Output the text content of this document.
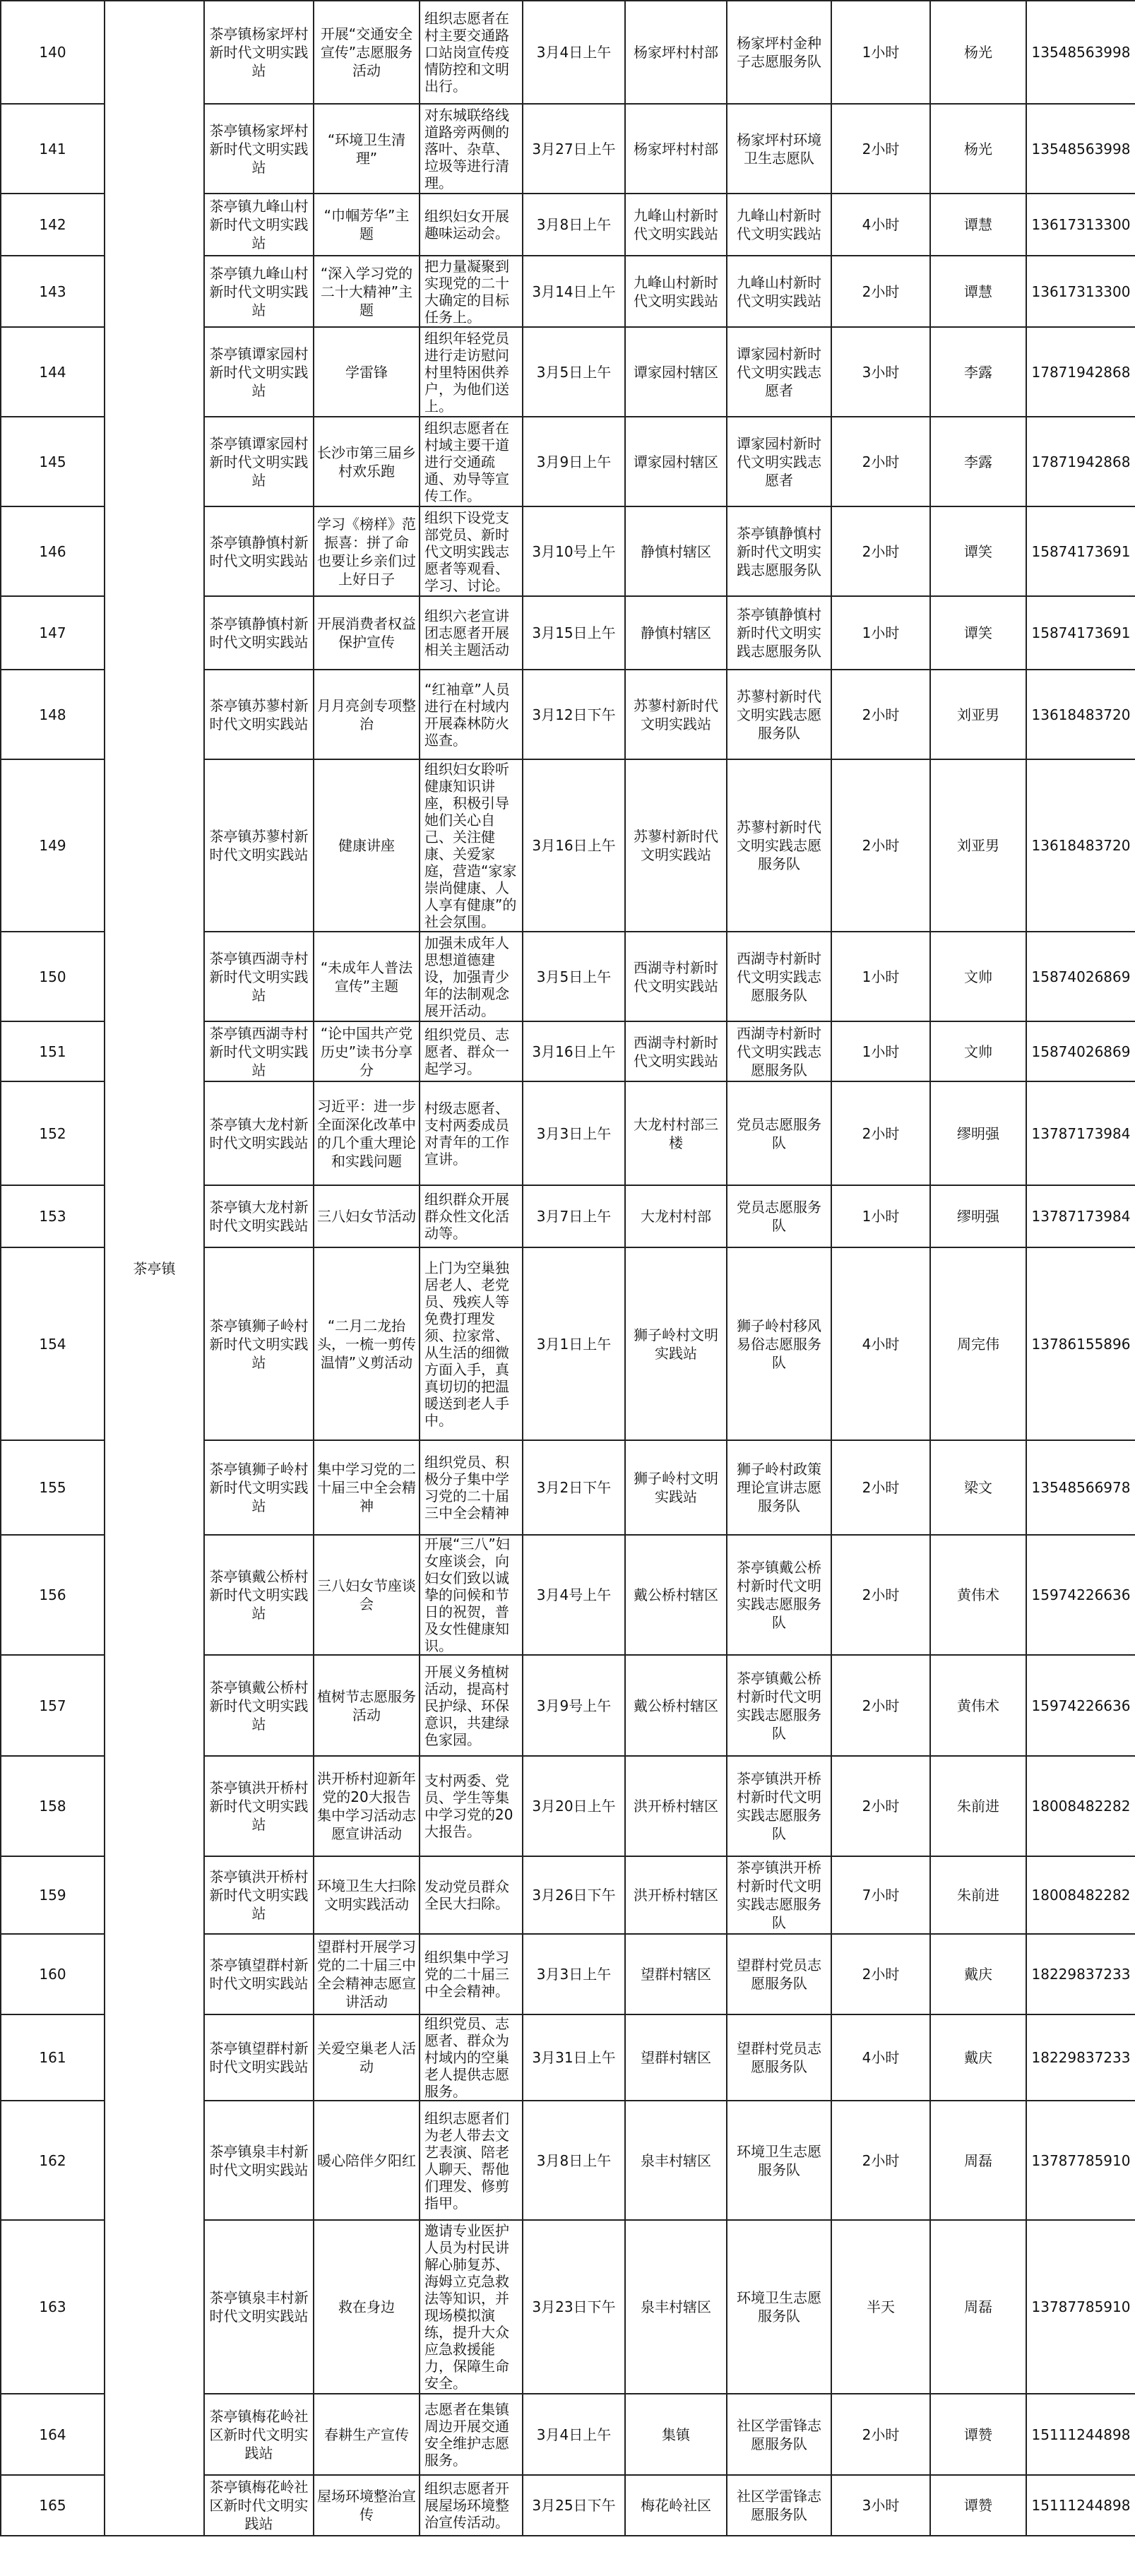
140	茶亭镇	茶亭镇杨家坪村新时代文明实践站	开展“交通安全宣传”志愿服务活动	组织志愿者在村主要交通路口站岗宣传疫情防控和文明出行。	3月4日上午	杨家坪村村部	杨家坪村金种子志愿服务队	1小时	杨光	13548563998
141		茶亭镇杨家坪村新时代文明实践站	“环境卫生清理”	对东城联络线道路旁两侧的落叶、杂草、垃圾等进行清理。	3月27日上午	杨家坪村村部	杨家坪村环境卫生志愿队	2小时	杨光	13548563998
142		茶亭镇九峰山村新时代文明实践站	“巾帼芳华”主题	组织妇女开展趣味运动会。	3月8日上午	九峰山村新时代文明实践站	九峰山村新时代文明实践站	4小时	谭慧	13617313300
143		茶亭镇九峰山村新时代文明实践站	“深入学习党的二十大精神”主题	把力量凝聚到实现党的二十大确定的目标任务上。	3月14日上午	九峰山村新时代文明实践站	九峰山村新时代文明实践站	2小时	谭慧	13617313300
144		茶亭镇谭家园村新时代文明实践站	学雷锋	组织年轻党员进行走访慰问村里特困供养户，为他们送上。	3月5日上午	谭家园村辖区	谭家园村新时代文明实践志愿者	3小时	李露	17871942868
145		茶亭镇谭家园村新时代文明实践站	长沙市第三届乡村欢乐跑	组织志愿者在村域主要干道进行交通疏通、劝导等宣传工作。	3月9日上午	谭家园村辖区	谭家园村新时代文明实践志愿者	2小时	李露	17871942868
146		茶亭镇静慎村新时代文明实践站	学习《榜样》范振喜：拼了命 也要让乡亲们过上好日子	组织下设党支部党员、新时代文明实践志愿者等观看、学习、讨论。	3月10号上午	静慎村辖区	茶亭镇静慎村新时代文明实践志愿服务队	2小时	谭笑	15874173691
147		茶亭镇静慎村新时代文明实践站	开展消费者权益保护宣传	组织六老宣讲团志愿者开展相关主题活动	3月15日上午	静慎村辖区	茶亭镇静慎村新时代文明实践志愿服务队	1小时	谭笑	15874173691
148		茶亭镇苏蓼村新时代文明实践站	月月亮剑专项整治	“红袖章”人员进行在村域内开展森林防火巡查。	3月12日下午	苏蓼村新时代文明实践站	苏蓼村新时代文明实践志愿服务队	2小时	刘亚男	13618483720
149		茶亭镇苏蓼村新时代文明实践站	健康讲座	组织妇女聆听健康知识讲座，积极引导她们关心自己、关注健康、关爱家庭，营造“家家崇尚健康、人人享有健康”的社会氛围。	3月16日上午	苏蓼村新时代文明实践站	苏蓼村新时代文明实践志愿服务队	2小时	刘亚男	13618483720
150		茶亭镇西湖寺村新时代文明实践站	“未成年人普法宣传”主题	加强未成年人思想道德建设，加强青少年的法制观念展开活动。	3月5日上午	西湖寺村新时代文明实践站	西湖寺村新时代文明实践志愿服务队	1小时	文帅	15874026869
151		茶亭镇西湖寺村新时代文明实践站	“论中国共产党历史”读书分享分	组织党员、志愿者、群众一起学习。	3月16日上午	西湖寺村新时代文明实践站	西湖寺村新时代文明实践志愿服务队	1小时	文帅	15874026869
152		茶亭镇大龙村新时代文明实践站	习近平：进一步全面深化改革中的几个重大理论和实践问题	村级志愿者、支村两委成员对青年的工作宣讲。	3月3日上午	大龙村村部三楼	党员志愿服务队	2小时	缪明强	13787173984
153		茶亭镇大龙村新时代文明实践站	三八妇女节活动	组织群众开展群众性文化活动等。	3月7日上午	大龙村村部	党员志愿服务队	1小时	缪明强	13787173984
154		茶亭镇狮子岭村新时代文明实践站	“二月二龙抬头，一梳一剪传温情”义剪活动	上门为空巢独居老人、老党员、残疾人等免费打理发须、拉家常、从生活的细微方面入手，真真切切的把温暖送到老人手中。	3月1日上午	狮子岭村文明实践站	狮子岭村移风易俗志愿服务队	4小时	周完伟	13786155896
155		茶亭镇狮子岭村新时代文明实践站	集中学习党的二十届三中全会精神	组织党员、积极分子集中学习党的二十届三中全会精神	3月2日下午	狮子岭村文明实践站	狮子岭村政策理论宣讲志愿服务队	2小时	梁文	13548566978
156		茶亭镇戴公桥村新时代文明实践站	三八妇女节座谈会	开展“三八”妇女座谈会，向妇女们致以诚挚的问候和节日的祝贺，普及女性健康知识。	3月4号上午	戴公桥村辖区	茶亭镇戴公桥村新时代文明实践志愿服务队	2小时	黄伟术	15974226636
157		茶亭镇戴公桥村新时代文明实践站	植树节志愿服务活动	开展义务植树活动，提高村民护绿、环保意识，共建绿色家园。	3月9号上午	戴公桥村辖区	茶亭镇戴公桥村新时代文明实践志愿服务队	2小时	黄伟术	15974226636
158		茶亭镇洪开桥村新时代文明实践站	洪开桥村迎新年党的20大报告集中学习活动志愿宣讲活动	支村两委、党员、学生等集中学习党的20大报告。	3月20日上午	洪开桥村辖区	茶亭镇洪开桥村新时代文明实践志愿服务队	2小时	朱前进	18008482282
159		茶亭镇洪开桥村新时代文明实践站	环境卫生大扫除文明实践活动	发动党员群众全民大扫除。	3月26日下午	洪开桥村辖区	茶亭镇洪开桥村新时代文明实践志愿服务队	7小时	朱前进	18008482282
160		茶亭镇望群村新时代文明实践站	望群村开展学习党的二十届三中全会精神志愿宣讲活动	组织集中学习党的二十届三中全会精神。	3月3日上午	望群村辖区	望群村党员志愿服务队	2小时	戴庆	18229837233
161		茶亭镇望群村新时代文明实践站	关爱空巢老人活动	组织党员、志愿者、群众为村域内的空巢老人提供志愿服务。	3月31日上午	望群村辖区	望群村党员志愿服务队	4小时	戴庆	18229837233
162		茶亭镇泉丰村新时代文明实践站	暖心陪伴夕阳红	组织志愿者们为老人带去文艺表演、陪老人聊天、帮他们理发、修剪指甲。	3月8日上午	泉丰村辖区	环境卫生志愿服务队	2小时	周磊	13787785910
163		茶亭镇泉丰村新时代文明实践站	救在身边	邀请专业医护人员为村民讲解心肺复苏、海姆立克急救法等知识，并现场模拟演练，提升大众应急救援能力，保障生命安全。	3月23日下午	泉丰村辖区	环境卫生志愿服务队	半天	周磊	13787785910
164		茶亭镇梅花岭社区新时代文明实践站	春耕生产宣传	志愿者在集镇周边开展交通安全维护志愿服务。	3月4日上午	集镇	社区学雷锋志愿服务队	2小时	谭赞	15111244898
165		茶亭镇梅花岭社区新时代文明实践站	屋场环境整治宣传	组织志愿者开展屋场环境整治宣传活动。	3月25日下午	梅花岭社区	社区学雷锋志愿服务队	3小时	谭赞	15111244898
